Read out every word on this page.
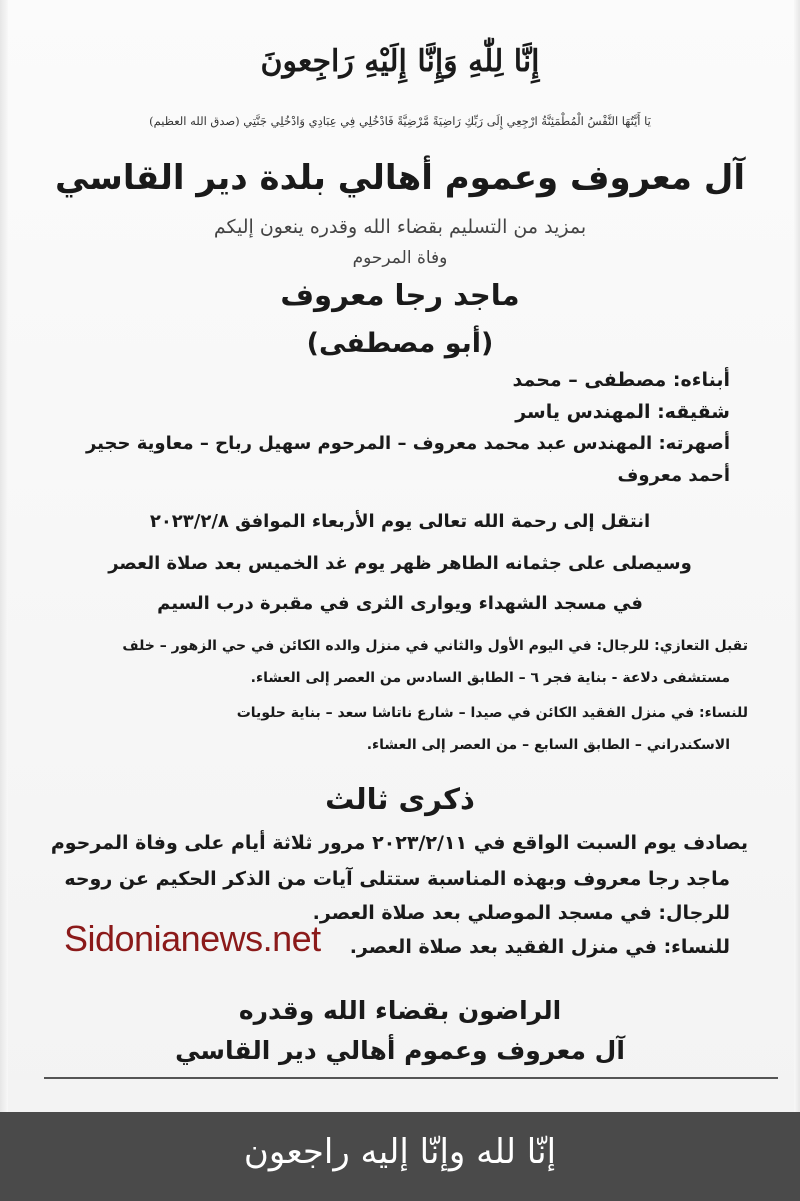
إِنَّا لِلّٰهِ وَإِنَّا إِلَيْهِ رَاجِعونَ
يَا أَيَّتُهَا النَّفْسُ الْمُطْمَئِنَّةُ ارْجِعِي إِلَى رَبِّكِ رَاضِيَةً مَّرْضِيَّةً فَادْخُلِي فِي عِبَادِي وَادْخُلِي جَنَّتِي (صدق الله العظيم)
آل معروف وعموم أهالي بلدة دير القاسي
بمزيد من التسليم بقضاء الله وقدره ينعون إليكم
وفاة المرحوم
ماجد رجا معروف
(أبو مصطفى)
أبناءه: مصطفى – محمد
شقيقه: المهندس ياسر
أصهرته: المهندس عبد محمد معروف – المرحوم سهيل رباح – معاوية حجير
أحمد معروف
انتقل إلى رحمة الله تعالى يوم الأربعاء الموافق ٢٠٢٣/٢/٨
وسيصلى على جثمانه الطاهر ظهر يوم غد الخميس بعد صلاة العصر
في مسجد الشهداء ويوارى الثرى في مقبرة درب السيم
تقبل التعازي: للرجال: في اليوم الأول والثاني في منزل والده الكائن في حي الزهور – خلف
مستشفى دلاعة - بناية فجر ٦ – الطابق السادس من العصر إلى العشاء.
للنساء: في منزل الفقيد الكائن في صيدا – شارع ناتاشا سعد – بناية حلويات
الاسكندراني – الطابق السابع – من العصر إلى العشاء.
ذكرى ثالث
يصادف يوم السبت الواقع في ٢٠٢٣/٢/١١ مرور ثلاثة أيام على وفاة المرحوم
ماجد رجا معروف وبهذه المناسبة ستتلى آيات من الذكر الحكيم عن روحه
للرجال: في مسجد الموصلي بعد صلاة العصر.
للنساء: في منزل الفقيد بعد صلاة العصر.
Sidonianews.net
الراضون بقضاء الله وقدره
آل معروف وعموم أهالي دير القاسي
إنّا لله وإنّا إليه راجعون
